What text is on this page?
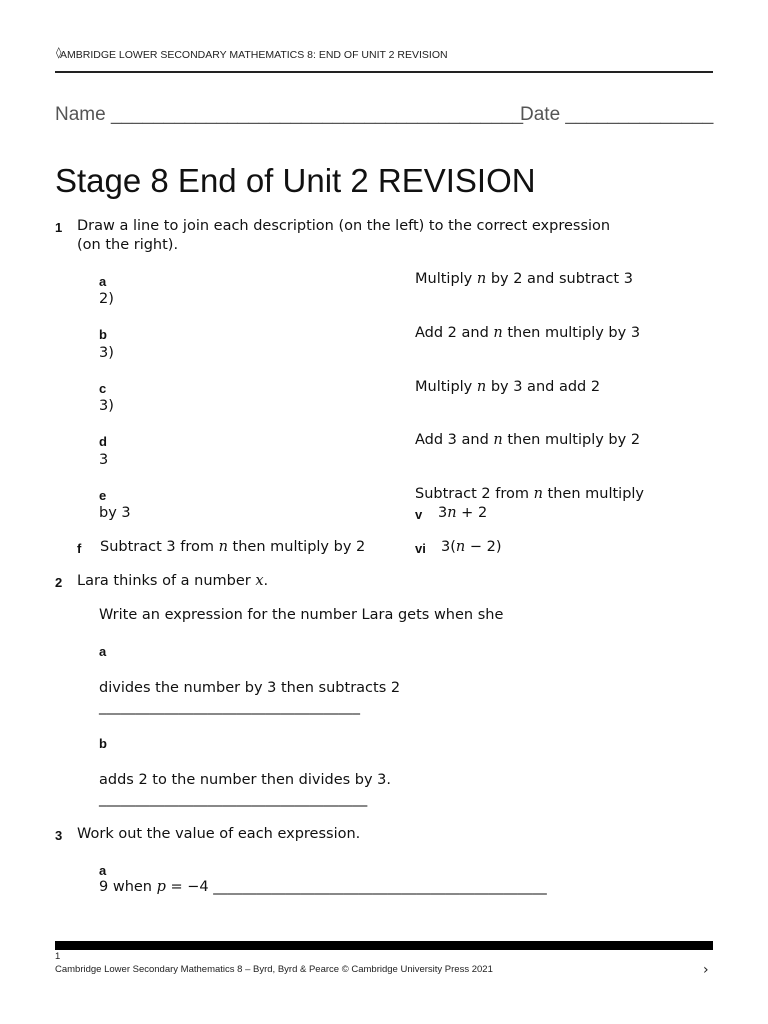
◊
AMBRIDGE LOWER SECONDARY MATHEMATICS 8: END OF UNIT 2 REVISION
Name _______________________________________
Date ______________
Stage 8 End of Unit 2 REVISION
1 Draw a line to join each description (on the left) to the correct expression
(on the right).
a
2)
Multiply n by 2 and subtract 3
b
3)
Add 2 and n then multiply by 3
c
3)
Multiply n by 3 and add 2
d
3
Add 3 and n then multiply by 2
e
by 3
Subtract 2 from n then multiply
v 3n + 2
f Subtract 3 from n then multiply by 2	vi 3(n − 2)
2 Lara thinks of a number x.
Write an expression for the number Lara gets when she
a
divides the number by 3 then subtracts 2
____________________________________
b
adds 2 to the number then divides by 3.
_____________________________________
3 Work out the value of each expression.
a
9 when p = −4 ______________________________________________
1
Cambridge Lower Secondary Mathematics 8 – Byrd, Byrd & Pearce © Cambridge University Press 2021	›
